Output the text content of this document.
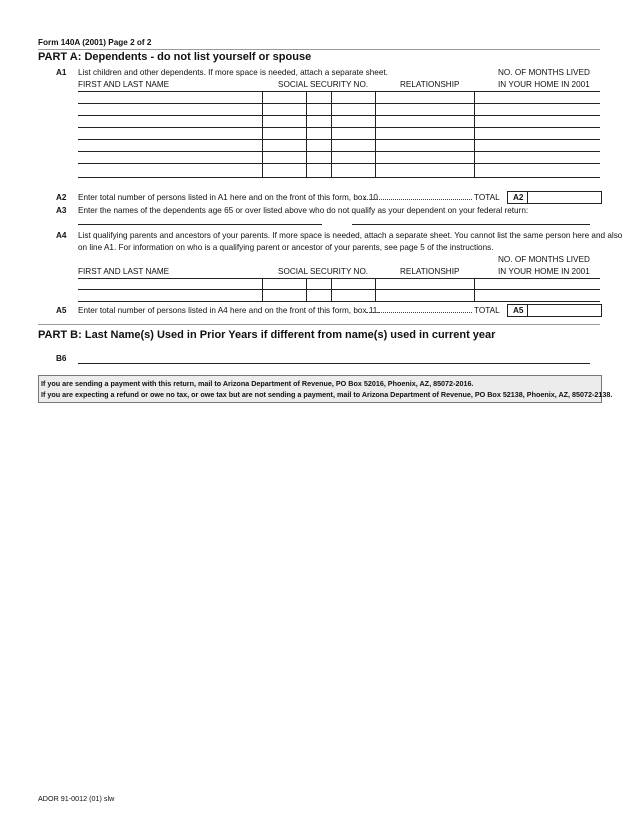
Form 140A (2001) Page 2 of 2
PART A: Dependents - do not list yourself or spouse
A1 List children and other dependents. If more space is needed, attach a separate sheet.	NO. OF MONTHS LIVED
FIRST AND LAST NAME	SOCIAL SECURITY NO.	RELATIONSHIP	IN YOUR HOME IN 2001
A2 Enter total number of persons listed in A1 here and on the front of this form, box 10	TOTAL A2
A3 Enter the names of the dependents age 65 or over listed above who do not qualify as your dependent on your federal return:
A4 List qualifying parents and ancestors of your parents. If more space is needed, attach a separate sheet. You cannot list the same person here and also
on line A1. For information on who is a qualifying parent or ancestor of your parents, see page 5 of the instructions.
NO. OF MONTHS LIVED
FIRST AND LAST NAME	SOCIAL SECURITY NO.	RELATIONSHIP	IN YOUR HOME IN 2001
A5 Enter total number of persons listed in A4 here and on the front of this form, box 11.	TOTAL A5
PART B: Last Name(s) Used in Prior Years if different from name(s) used in current year
B6
If you are sending a payment with this return, mail to Arizona Department of Revenue, PO Box 52016, Phoenix, AZ, 85072-2016.
If you are expecting a refund or owe no tax, or owe tax but are not sending a payment, mail to Arizona Department of Revenue, PO Box 52138, Phoenix, AZ, 85072-2138.
ADOR 91-0012 (01) slw
